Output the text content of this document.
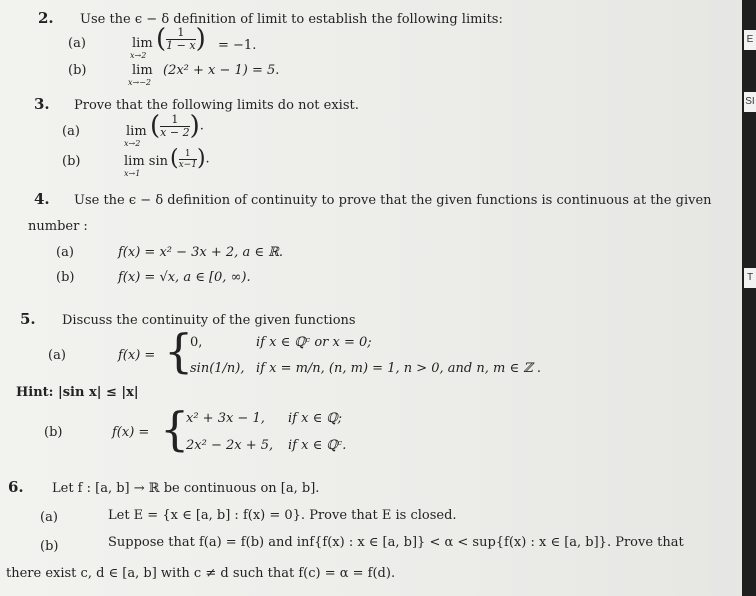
2. Use the ϵ − δ definition of limit to establish the following limits:
(a)	lim
x→2
( $\frac{1}{1 - x}$ ) = −1.
(b)	lim
x→−2
(2x² + x − 1) = 5.
3. Prove that the following limits do not exist.
(a)	lim
x→2
( $\frac{1}{x - 2}$ ).
(b)	lim sin
x→1
( $\frac{1}{x-1}$ ).
4. Use the ϵ − δ definition of continuity to prove that the given functions is continuous at the given
number :
(a)	f(x) = x² − 3x + 2, a ∈ ℝ.
(b)	f(x) = √x, a ∈ [0, ∞).
5. Discuss the continuity of the given functions
(a)	f(x) = {
0,	if x ∈ ℚᶜ or x = 0;
sin(1/n), if x = m/n, (n, m) = 1, n > 0, and n, m ∈ ℤ .
Hint: |sin x| ≤ |x|
(b)	f(x) = {
x² + 3x − 1, if x ∈ ℚ;
2x² − 2x + 5, if x ∈ ℚᶜ.
6. Let f : [a, b] → ℝ be continuous on [a, b].
(a)	Let E = {x ∈ [a, b] : f(x) = 0}. Prove that E is closed.
(b)	Suppose that f(a) = f(b) and inf{f(x) : x ∈ [a, b]} < α < sup{f(x) : x ∈ [a, b]}. Prove that
there exist c, d ∈ [a, b] with c ≠ d such that f(c) = α = f(d).
E
SI
T
